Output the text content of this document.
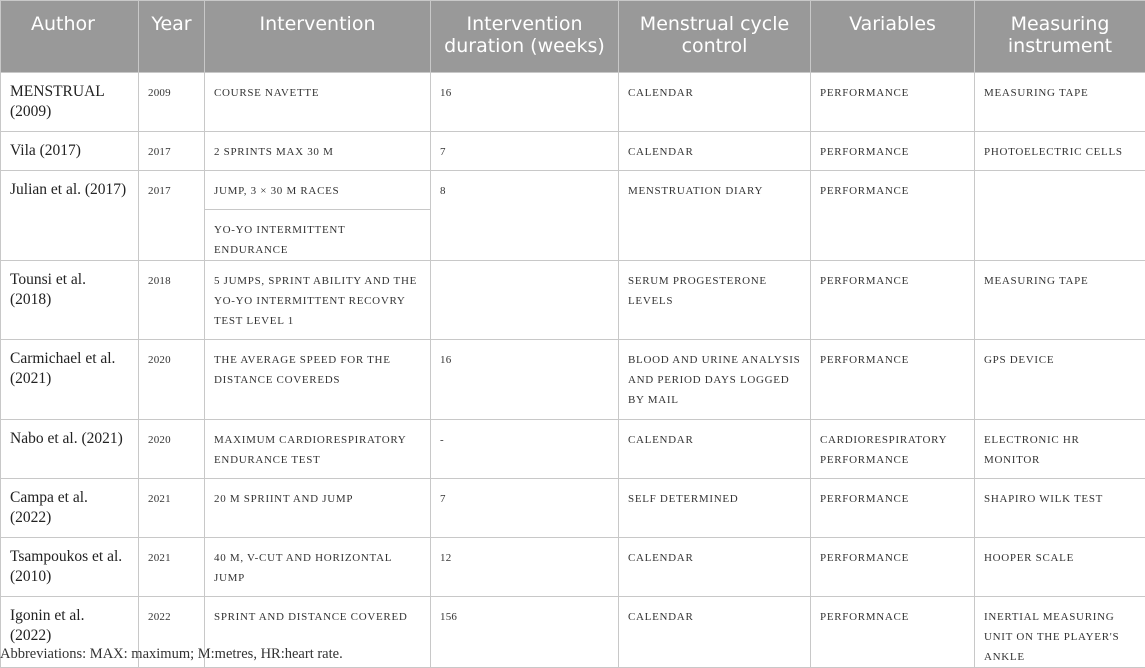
Author	Year	Intervention	Intervention duration (weeks)	Menstrual cycle control	Variables	Measuring instrument
MENSTRUAL (2009)	2009	COURSE NAVETTE	16	CALENDAR	PERFORMANCE	MEASURING TAPE
Vila (2017)	2017	2 SPRINTS MAX 30 M	7	CALENDAR	PERFORMANCE	PHOTOELECTRIC CELLS
Julian et al. (2017)	2017	JUMP, 3 × 30 M RACES	8	MENSTRUATION DIARY	PERFORMANCE	
		YO-YO INTERMITTENT ENDURANCE				
Tounsi et al. (2018)	2018	5 JUMPS, SPRINT ABILITY AND THE YO-YO INTERMITTENT RECOVRY TEST LEVEL 1		SERUM PROGESTERONE LEVELS	PERFORMANCE	MEASURING TAPE
Carmichael et al. (2021)	2020	THE AVERAGE SPEED FOR THE DISTANCE COVEREDS	16	BLOOD AND URINE ANALYSIS AND PERIOD DAYS LOGGED BY MAIL	PERFORMANCE	GPS DEVICE
Nabo et al. (2021)	2020	MAXIMUM CARDIORESPIRATORY ENDURANCE TEST	-	CALENDAR	CARDIORESPIRATORY PERFORMANCE	ELECTRONIC HR MONITOR
Campa et al. (2022)	2021	20 M SPRIINT AND JUMP	7	SELF DETERMINED	PERFORMANCE	SHAPIRO WILK TEST
Tsampoukos et al. (2010)	2021	40 M, V-CUT AND HORIZONTAL JUMP	12	CALENDAR	PERFORMANCE	HOOPER SCALE
Igonin et al. (2022)	2022	SPRINT AND DISTANCE COVERED	156	CALENDAR	PERFORMNACE	INERTIAL MEASURING UNIT ON THE PLAYER'S ANKLE
Abbreviations: MAX: maximum; M:metres, HR:heart rate.
